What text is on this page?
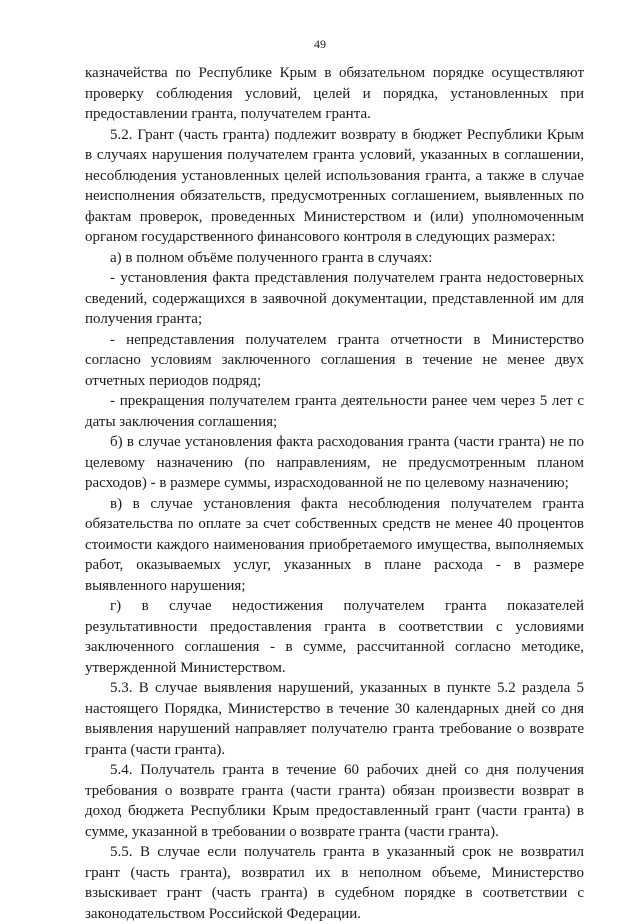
49

казначейства по Республике Крым в обязательном порядке осуществляют проверку соблюдения условий, целей и порядка, установленных при предоставлении гранта, получателем гранта.

5.2. Грант (часть гранта) подлежит возврату в бюджет Республики Крым в случаях нарушения получателем гранта условий, указанных в соглашении, несоблюдения установленных целей использования гранта, а также в случае неисполнения обязательств, предусмотренных соглашением, выявленных по фактам проверок, проведенных Министерством и (или) уполномоченным органом государственного финансового контроля в следующих размерах:

а) в полном объёме полученного гранта в случаях:

- установления факта представления получателем гранта недостоверных сведений, содержащихся в заявочной документации, представленной им для получения гранта;

- непредставления получателем гранта отчетности в Министерство согласно условиям заключенного соглашения в течение не менее двух отчетных периодов подряд;

- прекращения получателем гранта деятельности ранее чем через 5 лет с даты заключения соглашения;

б) в случае установления факта расходования гранта (части гранта) не по целевому назначению (по направлениям, не предусмотренным планом расходов) - в размере суммы, израсходованной не по целевому назначению;

в) в случае установления факта несоблюдения получателем гранта обязательства по оплате за счет собственных средств не менее 40 процентов стоимости каждого наименования приобретаемого имущества, выполняемых работ, оказываемых услуг, указанных в плане расхода - в размере выявленного нарушения;

г) в случае недостижения получателем гранта показателей результативности предоставления гранта в соответствии с условиями заключенного соглашения - в сумме, рассчитанной согласно методике, утвержденной Министерством.

5.3. В случае выявления нарушений, указанных в пункте 5.2 раздела 5 настоящего Порядка, Министерство в течение 30 календарных дней со дня выявления нарушений направляет получателю гранта требование о возврате гранта (части гранта).

5.4. Получатель гранта в течение 60 рабочих дней со дня получения требования о возврате гранта (части гранта) обязан произвести возврат в доход бюджета Республики Крым предоставленный грант (части гранта) в сумме, указанной в требовании о возврате гранта (части гранта).

5.5. В случае если получатель гранта в указанный срок не возвратил грант (часть гранта), возвратил их в неполном объеме, Министерство взыскивает грант (часть гранта) в судебном порядке в соответствии с законодательством Российской Федерации.
